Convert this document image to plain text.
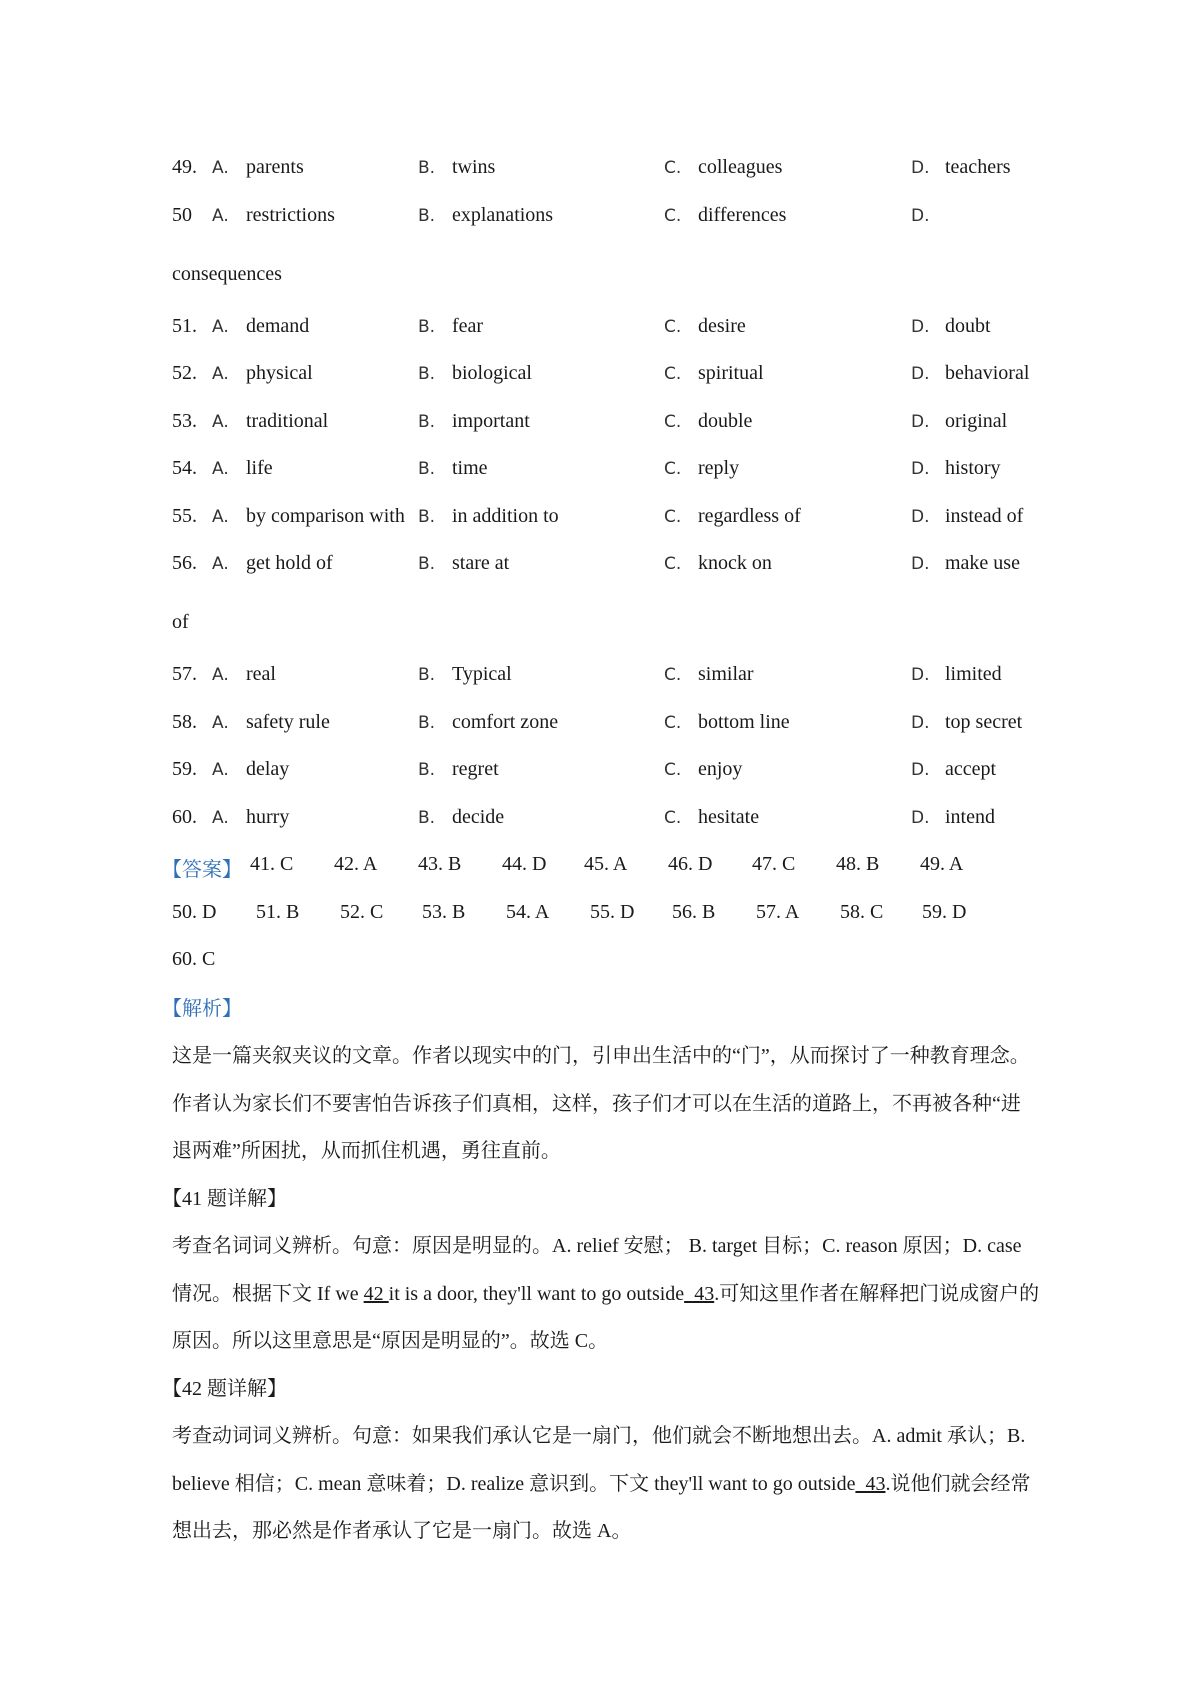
49. A. parents	B. twins	C. colleagues	D. teachers
50 A. restrictions	B. explanations	C. differences	D.
consequences
51. A. demand	B. fear	C. desire	D. doubt
52. A. physical	B. biological	C. spiritual	D. behavioral
53. A. traditional	B. important	C. double	D. original
54. A. life	B. time	C. reply	D. history
55. A. by comparison with B. in addition to	C. regardless of	D. instead of
56. A. get hold of	B. stare at	C. knock on	D. make use
of
57. A. real	B. Typical	C. similar	D. limited
58. A. safety rule	B. comfort zone	C. bottom line	D. top secret
59. A. delay	B. regret	C. enjoy	D. accept
60. A. hurry	B. decide	C. hesitate	D. intend
【答案】 41. C 42. A 43. B 44. D 45. A 46. D 47. C 48. B 49. A
50. D 51. B 52. C 53. B 54. A 55. D 56. B 57. A 58. C 59. D
60. C

【解析】

这是一篇夹叙夹议的文章。作者以现实中的门，引申出生活中的“门”，从而探讨了一种教育理念。作者认为家长们不要害怕告诉孩子们真相，这样，孩子们才可以在生活的道路上，不再被各种“进退两难”所困扰，从而抓住机遇，勇往直前。

【41 题详解】

考查名词词义辨析。句意：原因是明显的。A. relief 安慰； B. target 目标；C. reason 原因；D. case 情况。根据下文 If we 42 it is a door, they'll want to go outside_43.可知这里作者在解释把门说成窗户的原因。所以这里意思是“原因是明显的”。故选 C。

【42 题详解】

考查动词词义辨析。句意：如果我们承认它是一扇门，他们就会不断地想出去。A. admit 承认；B. believe 相信；C. mean 意味着；D. realize 意识到。下文 they'll want to go outside_43.说他们就会经常想出去，那必然是作者承认了它是一扇门。故选 A。
